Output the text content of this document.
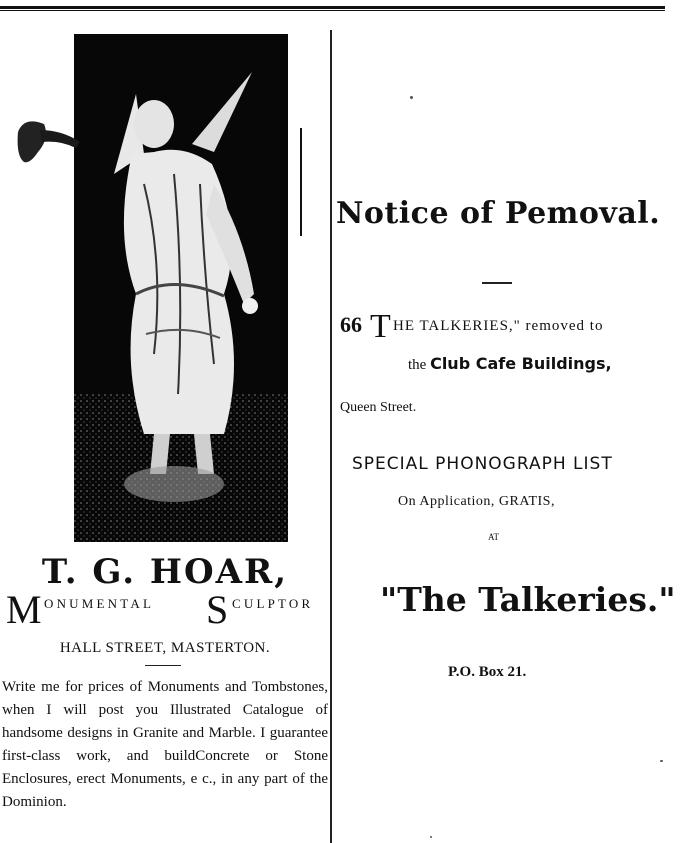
T. G. HOAR,
M ONUMENTAL S CULPTOR
HALL STREET, MASTERTON.
Write me for prices of Monuments and Tombstones, when I will post you Illustrated Catalogue of handsome designs in Granite and Marble. I guarantee first-class work, and buildConcrete or Stone Enclosures, erect Monuments, e c., in any part of the Dominion.
Notice of Pemoval.
66 T HE TALKERIES," removed to
the Club Cafe Buildings,
Queen Street.
SPECIAL PHONOGRAPH LIST
On Application, GRATIS,
AT
"The Talkeries."
P.O. Box 21.
